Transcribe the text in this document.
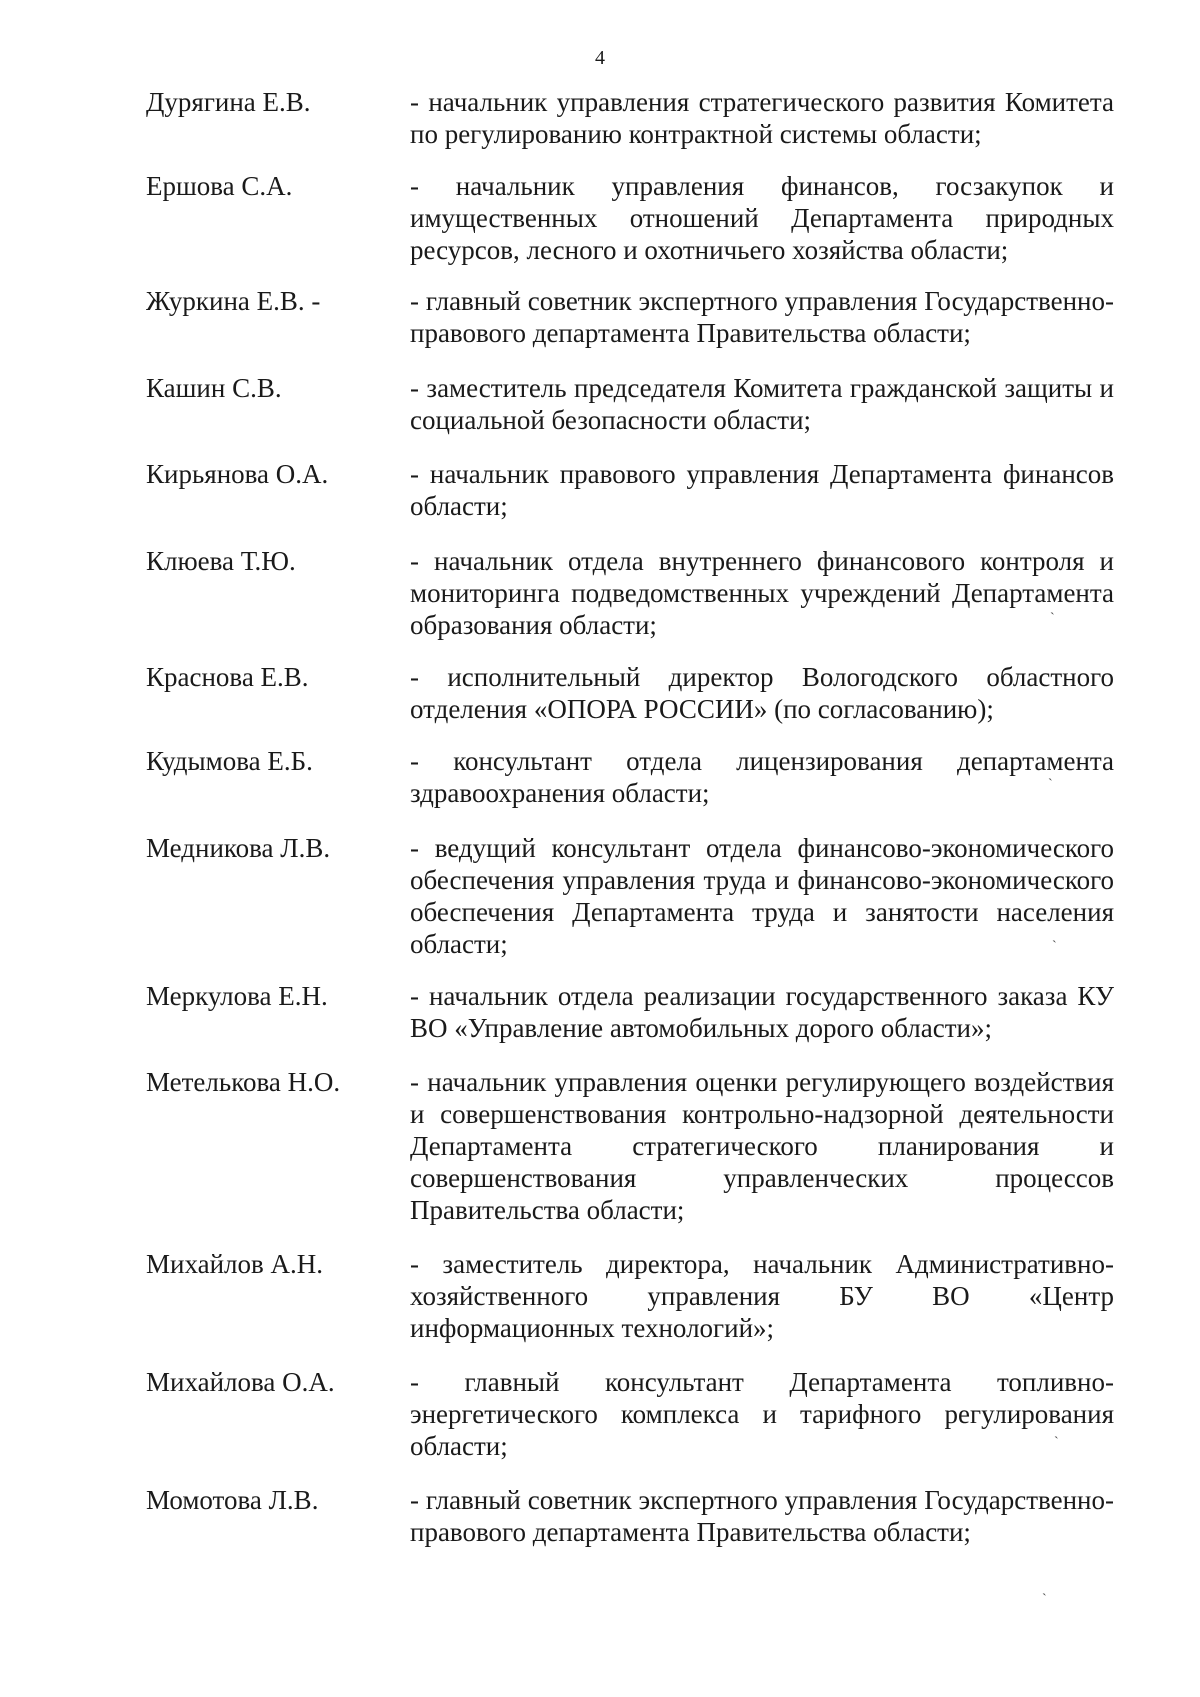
4
Дурягина Е.В.	- начальник управления стратегического развития Комитета по регулированию контрактной системы области;
Ершова С.А.	- начальник управления финансов, госзакупок и имущественных отношений Департамента природных ресурсов, лесного и охотничьего хозяйства области;
Журкина Е.В. -	- главный советник экспертного управления Государственно-правового департамента Правительства области;
Кашин С.В.	- заместитель председателя Комитета гражданской защиты и социальной безопасности области;
Кирьянова О.А.	- начальник правового управления Департамента финансов области;
Клюева Т.Ю.	- начальник отдела внутреннего финансового контроля и мониторинга подведомственных учреждений Департамента образования области;
Краснова Е.В.	- исполнительный директор Вологодского областного отделения «ОПОРА РОССИИ» (по согласованию);
Кудымова Е.Б.	- консультант отдела лицензирования департамента здравоохранения области;
Медникова Л.В.	- ведущий консультант отдела финансово-экономического обеспечения управления труда и финансово-экономического обеспечения Департамента труда и занятости населения области;
Меркулова Е.Н.	- начальник отдела реализации государственного заказа КУ ВО «Управление автомобильных дорого области»;
Метелькова Н.О.	- начальник управления оценки регулирующего воздействия и совершенствования контрольно-надзорной деятельности Департамента стратегического планирования и совершенствования управленческих процессов Правительства области;
Михайлов А.Н.	- заместитель директора, начальник Административно-хозяйственного управления БУ ВО «Центр информационных технологий»;
Михайлова О.А.	- главный консультант Департамента топливно-энергетического комплекса и тарифного регулирования области;
Момотова Л.В.	- главный советник экспертного управления Государственно-правового департамента Правительства области;
ˋ
ˋ
ˋ
ˋ
ˋ
